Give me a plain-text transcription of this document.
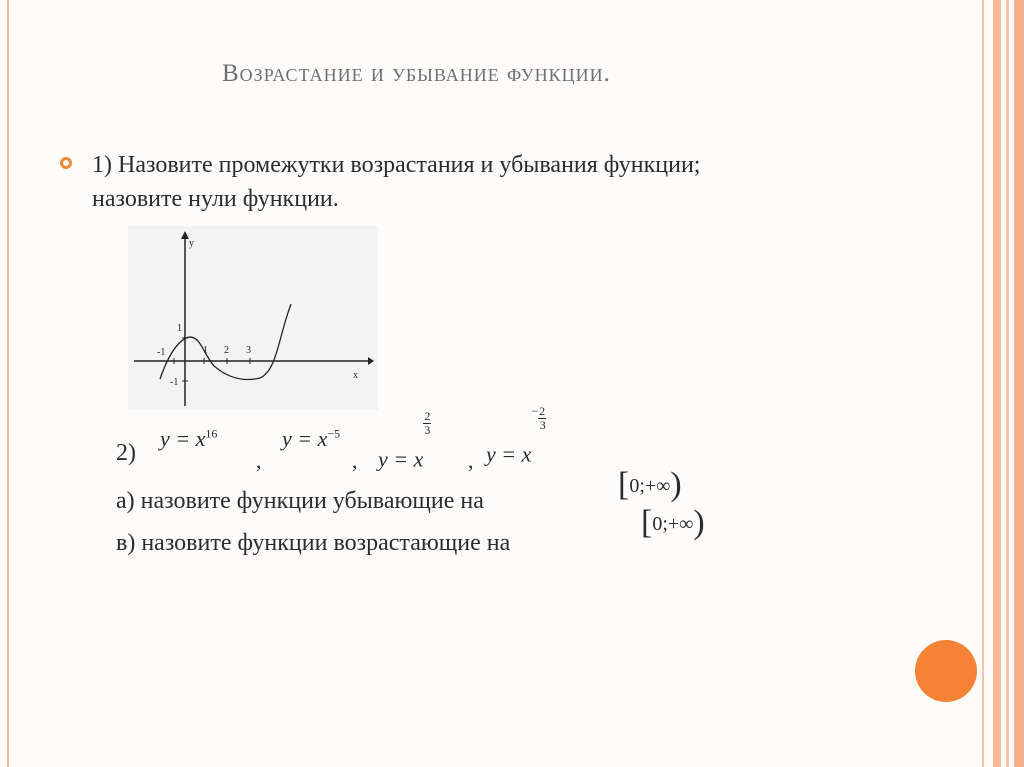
Возрастание и убывание функции.
1) Назовите промежутки возрастания и убывания функции;
назовите нули функции.
y
x
1
-1
-1
1 2 3
2)
$y = x^{16}$
,
$y = x^{-5}$
, y = x
$\frac{2}{3}$
, y = x
−2
3
а) назовите функции убывающие на	[0;+∞)
в) назовите функции возрастающие на
[0;+∞)
